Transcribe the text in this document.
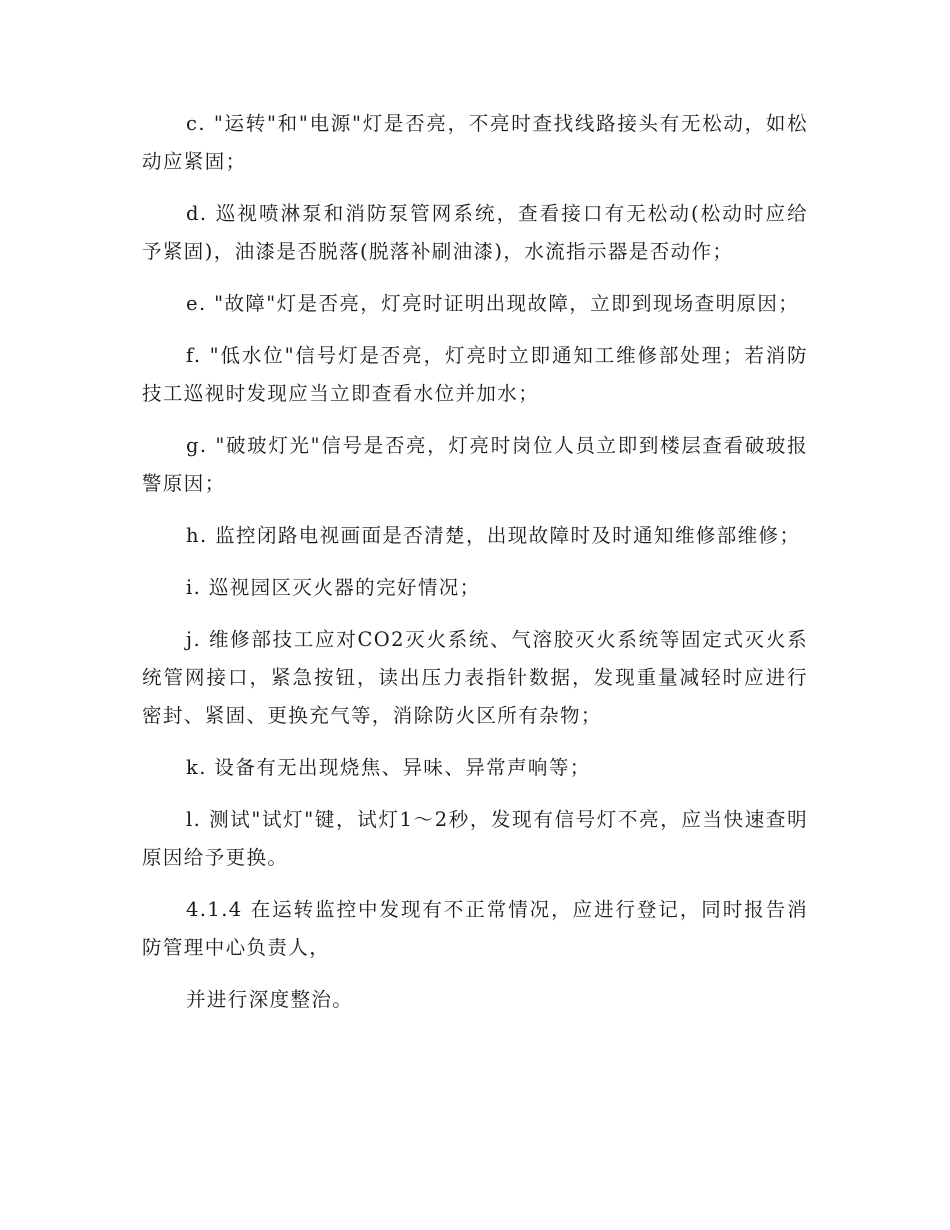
c. "运转"和"电源"灯是否亮，不亮时查找线路接头有无松动，如松动应紧固；

d. 巡视喷淋泵和消防泵管网系统，查看接口有无松动(松动时应给予紧固)，油漆是否脱落(脱落补刷油漆)，水流指示器是否动作；

e. "故障"灯是否亮，灯亮时证明出现故障，立即到现场查明原因；

f. "低水位"信号灯是否亮，灯亮时立即通知工维修部处理；若消防技工巡视时发现应当立即查看水位并加水；

g. "破玻灯光"信号是否亮，灯亮时岗位人员立即到楼层查看破玻报警原因；

h. 监控闭路电视画面是否清楚，出现故障时及时通知维修部维修；

i. 巡视园区灭火器的完好情况；

j. 维修部技工应对CO2灭火系统、气溶胶灭火系统等固定式灭火系统管网接口，紧急按钮，读出压力表指针数据，发现重量减轻时应进行密封、紧固、更换充气等，消除防火区所有杂物；

k. 设备有无出现烧焦、异味、异常声响等；

l. 测试"试灯"键，试灯1～2秒，发现有信号灯不亮，应当快速查明原因给予更换。

4.1.4 在运转监控中发现有不正常情况，应进行登记，同时报告消防管理中心负责人，

并进行深度整治。
